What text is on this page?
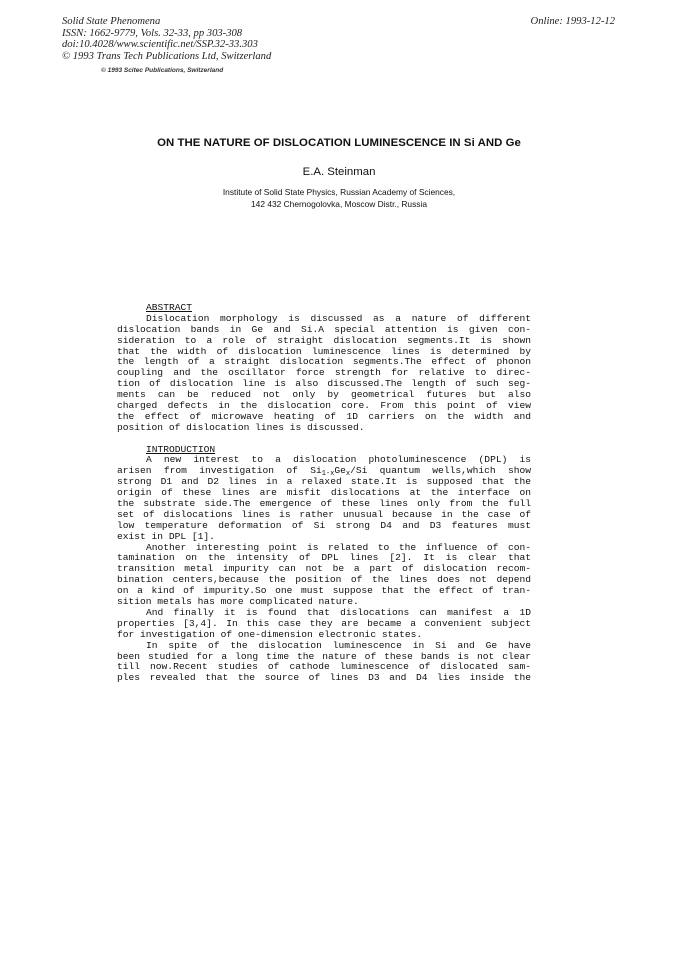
Solid State Phenomena
ISSN: 1662-9779, Vols. 32-33, pp 303-308
doi:10.4028/www.scientific.net/SSP.32-33.303
© 1993 Trans Tech Publications Ltd, Switzerland
Online: 1993-12-12
© 1993 Scitec Publications, Switzerland
ON THE NATURE OF DISLOCATION LUMINESCENCE IN Si AND Ge
E.A. Steinman
Institute of Solid State Physics, Russian Academy of Sciences,
142 432 Chernogolovka, Moscow Distr., Russia
ABSTRACT
Dislocation morphology is discussed as a nature of different
dislocation bands in Ge and Si.A special attention is given con-
sideration to a role of straight dislocation segments.It is shown
that the width of dislocation luminescence lines is determined by
the length of a straight dislocation segments.The effect of phonon
coupling and the oscillator force strength for relative to direc-
tion of dislocation line is also discussed.The length of such seg-
ments can be reduced not only by geometrical futures but also
charged defects in the dislocation core. From this point of view
the effect of microwave heating of 1D carriers on the width and
position of dislocation lines is discussed.
INTRODUCTION
A new interest to a dislocation photoluminescence (DPL) is
arisen from investigation of $Si_{1-x}Ge_x/Si$ quantum wells,which show
strong D1 and D2 lines in a relaxed state.It is supposed that the
origin of these lines are misfit dislocations at the interface on
the substrate side.The emergence of these lines only from the full
set of dislocations lines is rather unusual because in the case of
low temperature deformation of Si strong D4 and D3 features must
exist in DPL [1].
Another interesting point is related to the influence of con-
tamination on the intensity of DPL lines [2]. It is clear that
transition metal impurity can not be a part of dislocation recom-
bination centers,because the position of the lines does not depend
on a kind of impurity.So one must suppose that the effect of tran-
sition metals has more complicated nature.
And finally it is found that dislocations can manifest a 1D
properties [3,4]. In this case they are became a convenient subject
for investigation of one-dimension electronic states.
In spite of the dislocation luminescence in Si and Ge have
been studied for a long time the nature of these bands is not clear
till now.Recent studies of cathode luminescence of dislocated sam-
ples revealed that the source of lines D3 and D4 lies inside the
